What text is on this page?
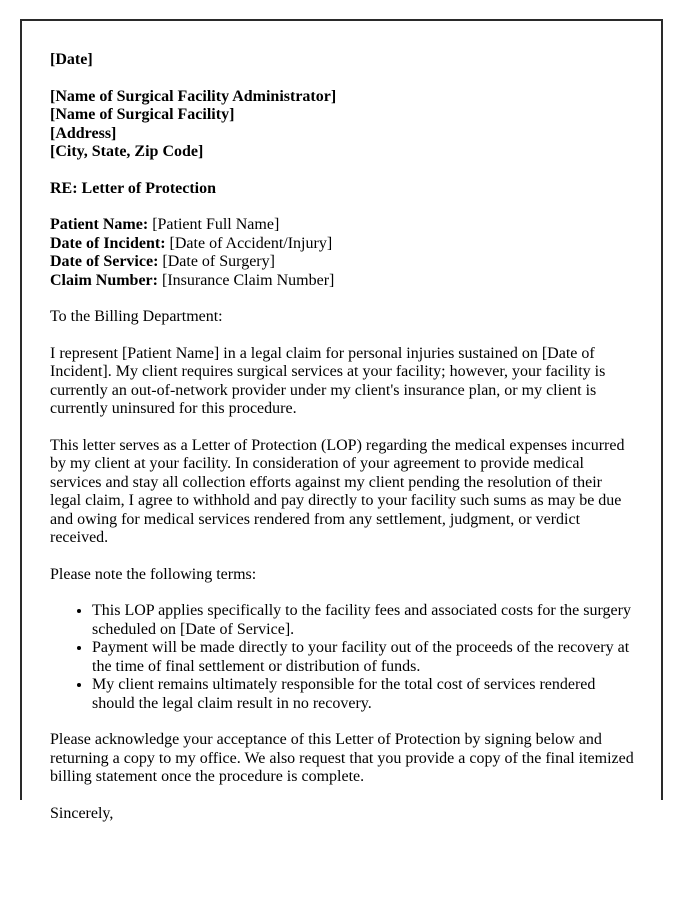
[Date]
[Name of Surgical Facility Administrator]
[Name of Surgical Facility]
[Address]
[City, State, Zip Code]
RE: Letter of Protection
Patient Name: [Patient Full Name]
Date of Incident: [Date of Accident/Injury]
Date of Service: [Date of Surgery]
Claim Number: [Insurance Claim Number]
To the Billing Department:

I represent [Patient Name] in a legal claim for personal injuries sustained on [Date of Incident]. My client requires surgical services at your facility; however, your facility is currently an out-of-network provider under my client's insurance plan, or my client is currently uninsured for this procedure.

This letter serves as a Letter of Protection (LOP) regarding the medical expenses incurred by my client at your facility. In consideration of your agreement to provide medical services and stay all collection efforts against my client pending the resolution of their legal claim, I agree to withhold and pay directly to your facility such sums as may be due and owing for medical services rendered from any settlement, judgment, or verdict received.

Please note the following terms:

• This LOP applies specifically to the facility fees and associated costs for the surgery scheduled on [Date of Service].
• Payment will be made directly to your facility out of the proceeds of the recovery at the time of final settlement or distribution of funds.
• My client remains ultimately responsible for the total cost of services rendered should the legal claim result in no recovery.

Please acknowledge your acceptance of this Letter of Protection by signing below and returning a copy to my office. We also request that you provide a copy of the final itemized billing statement once the procedure is complete.

Sincerely,
